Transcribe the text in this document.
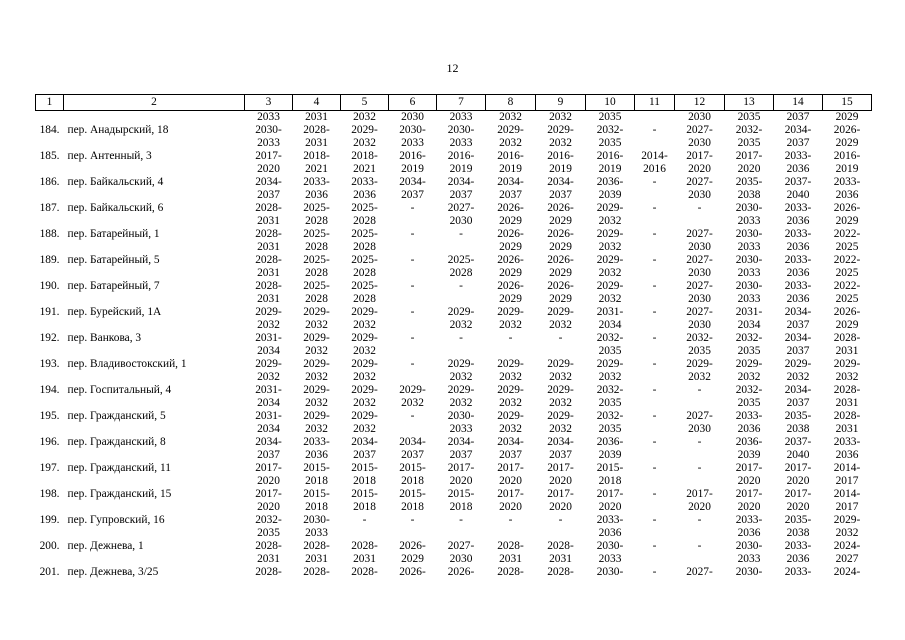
12
1	2	3	4	5	6	7	8	9	10	11	12	13	14	15
		2033	2031	2032	2030	2033	2032	2032	2035		2030	2035	2037	2029
184.	пер. Анадырский, 18	2030-	2028-	2029-	2030-	2030-	2029-	2029-	2032-	-	2027-	2032-	2034-	2026-
		2033	2031	2032	2033	2033	2032	2032	2035		2030	2035	2037	2029
185.	пер. Антенный, 3	2017-	2018-	2018-	2016-	2016-	2016-	2016-	2016-	2014-	2017-	2017-	2033-	2016-
		2020	2021	2021	2019	2019	2019	2019	2019	2016	2020	2020	2036	2019
186.	пер. Байкальский, 4	2034-	2033-	2033-	2034-	2034-	2034-	2034-	2036-	-	2027-	2035-	2037-	2033-
		2037	2036	2036	2037	2037	2037	2037	2039		2030	2038	2040	2036
187.	пер. Байкальский, 6	2028-	2025-	2025-	-	2027-	2026-	2026-	2029-	-	-	2030-	2033-	2026-
		2031	2028	2028		2030	2029	2029	2032			2033	2036	2029
188.	пер. Батарейный, 1	2028-	2025-	2025-	-	-	2026-	2026-	2029-	-	2027-	2030-	2033-	2022-
		2031	2028	2028			2029	2029	2032		2030	2033	2036	2025
189.	пер. Батарейный, 5	2028-	2025-	2025-	-	2025-	2026-	2026-	2029-	-	2027-	2030-	2033-	2022-
		2031	2028	2028		2028	2029	2029	2032		2030	2033	2036	2025
190.	пер. Батарейный, 7	2028-	2025-	2025-	-	-	2026-	2026-	2029-	-	2027-	2030-	2033-	2022-
		2031	2028	2028			2029	2029	2032		2030	2033	2036	2025
191.	пер. Бурейский, 1А	2029-	2029-	2029-	-	2029-	2029-	2029-	2031-	-	2027-	2031-	2034-	2026-
		2032	2032	2032		2032	2032	2032	2034		2030	2034	2037	2029
192.	пер. Ванкова, 3	2031-	2029-	2029-	-	-	-	-	2032-	-	2032-	2032-	2034-	2028-
		2034	2032	2032					2035		2035	2035	2037	2031
193.	пер. Владивостокский, 1	2029-	2029-	2029-	-	2029-	2029-	2029-	2029-	-	2029-	2029-	2029-	2029-
		2032	2032	2032		2032	2032	2032	2032		2032	2032	2032	2032
194.	пер. Госпитальный, 4	2031-	2029-	2029-	2029-	2029-	2029-	2029-	2032-	-	-	2032-	2034-	2028-
		2034	2032	2032	2032	2032	2032	2032	2035			2035	2037	2031
195.	пер. Гражданский, 5	2031-	2029-	2029-	-	2030-	2029-	2029-	2032-	-	2027-	2033-	2035-	2028-
		2034	2032	2032		2033	2032	2032	2035		2030	2036	2038	2031
196.	пер. Гражданский, 8	2034-	2033-	2034-	2034-	2034-	2034-	2034-	2036-	-	-	2036-	2037-	2033-
		2037	2036	2037	2037	2037	2037	2037	2039			2039	2040	2036
197.	пер. Гражданский, 11	2017-	2015-	2015-	2015-	2017-	2017-	2017-	2015-	-	-	2017-	2017-	2014-
		2020	2018	2018	2018	2020	2020	2020	2018			2020	2020	2017
198.	пер. Гражданский, 15	2017-	2015-	2015-	2015-	2015-	2017-	2017-	2017-	-	2017-	2017-	2017-	2014-
		2020	2018	2018	2018	2018	2020	2020	2020		2020	2020	2020	2017
199.	пер. Гупровский, 16	2032-	2030-	-	-	-	-	-	2033-	-	-	2033-	2035-	2029-
		2035	2033						2036			2036	2038	2032
200.	пер. Дежнева, 1	2028-	2028-	2028-	2026-	2027-	2028-	2028-	2030-	-	-	2030-	2033-	2024-
		2031	2031	2031	2029	2030	2031	2031	2033			2033	2036	2027
201.	пер. Дежнева, 3/25	2028-	2028-	2028-	2026-	2026-	2028-	2028-	2030-	-	2027-	2030-	2033-	2024-
